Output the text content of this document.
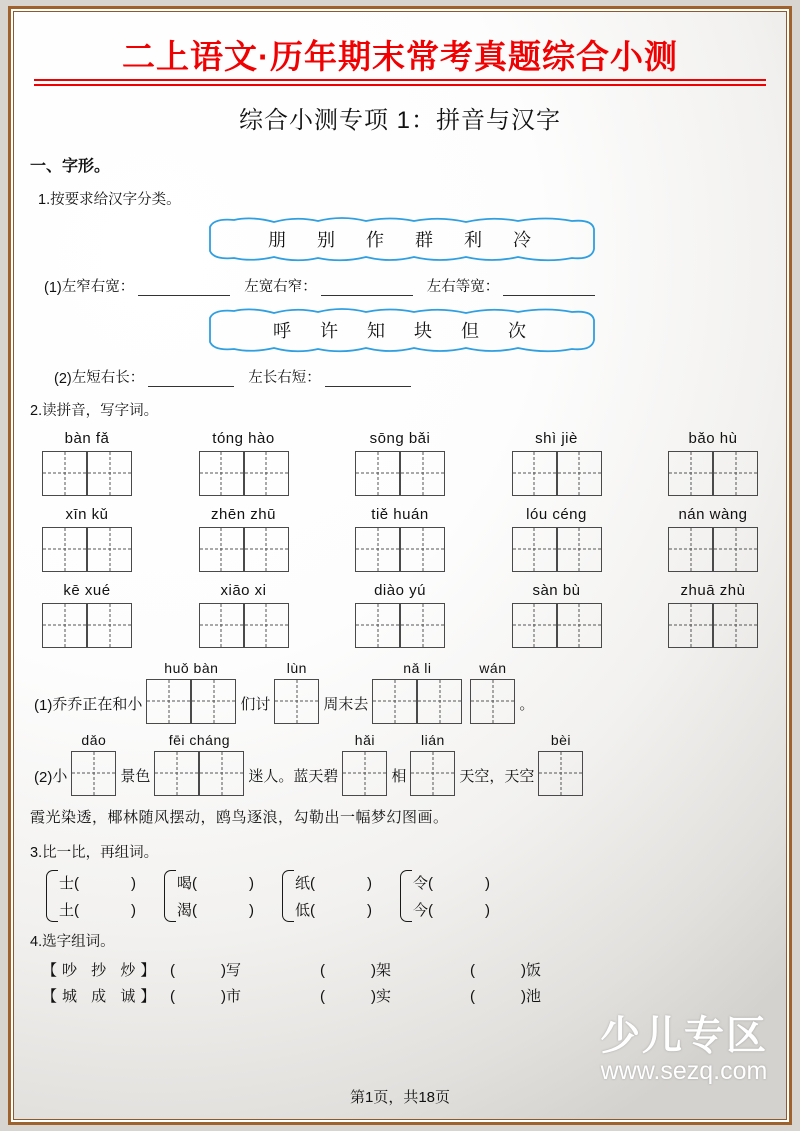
二上语文·历年期末常考真题综合小测
综合小测专项 1：拼音与汉字
一、字形。
1.按要求给汉字分类。
朋 别 作 群 利 冷
(1) 左窄右宽：	左宽右窄：	左右等宽：
呼 许 知 块 但 次
(2) 左短右长：	左长右短：
2.读拼音，写字词。
bàn fǎ	tóng hào	sōng bǎi	shì jiè	bǎo hù
xīn kǔ	zhēn zhū	tiě huán	lóu céng	nán wàng
kē xué	xiāo xi	diào yú	sàn bù	zhuā zhù
(1) 乔乔正在和小
huǒ bàn
们讨
lùn
周末去
nǎ li	wán
。
(2) 小
dǎo
景色
fēi cháng
迷人。蓝天碧
hǎi
相
lián
天空，天空
bèi
霞光染透，椰林随风摆动，鸥鸟逐浪，勾勒出一幅梦幻图画。
3.比一比，再组词。
士(	)
土(	)
喝(	)
渴(	)
纸(	)
低(	)
令(	)
今(	)
4.选字组词。
【吵 抄 炒】 (	)写	(	)架	(	)饭
【城 成 诚】 (	)市	(	)实	(	)池
少儿专区
www.sezq.com
第1页，共18页
